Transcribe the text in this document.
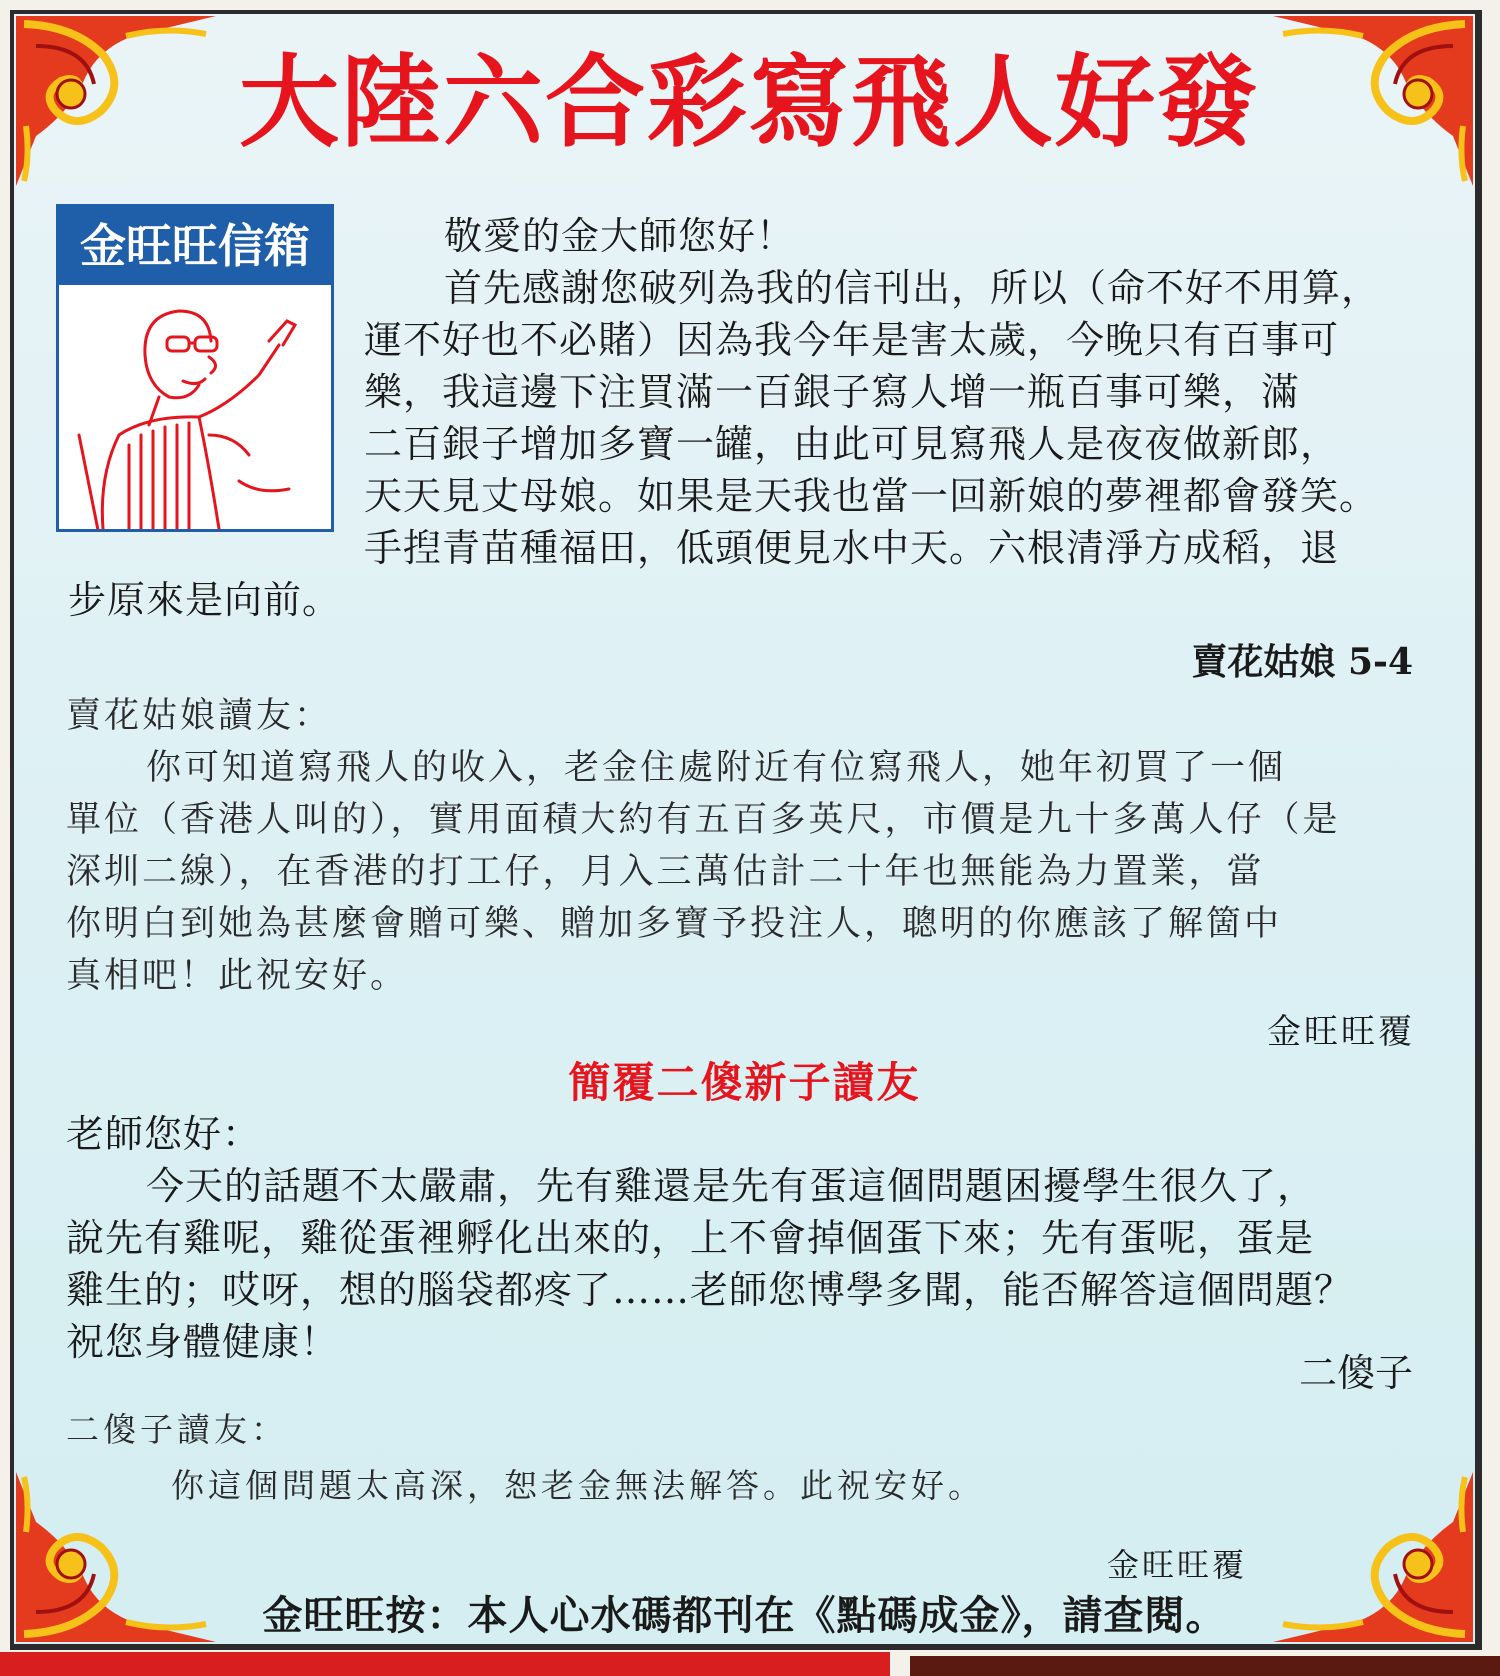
大陸六合彩寫飛人好發
金旺旺信箱	敬愛的金大師您好！
首先感謝您破列為我的信刊出，所以（命不好不用算，
運不好也不必賭）因為我今年是害太歲，今晚只有百事可
樂，我這邊下注買滿一百銀子寫人增一瓶百事可樂，滿
二百銀子增加多寶一罐，由此可見寫飛人是夜夜做新郎，
天天見丈母娘。如果是天我也當一回新娘的夢裡都會發笑。
手揑青苗種福田，低頭便見水中天。六根清淨方成稻，退
步原來是向前。
賣花姑娘 5-4
賣花姑娘讀友：
你可知道寫飛人的收入，老金住處附近有位寫飛人，她年初買了一個
單位（香港人叫的），實用面積大約有五百多英尺，市價是九十多萬人仔（是
深圳二線），在香港的打工仔，月入三萬估計二十年也無能為力置業，當
你明白到她為甚麼會贈可樂、贈加多寶予投注人，聰明的你應該了解箇中
真相吧！此祝安好。
金旺旺覆
簡覆二傻新子讀友
老師您好：
今天的話題不太嚴肅，先有雞還是先有蛋這個問題困擾學生很久了，
說先有雞呢，雞從蛋裡孵化出來的，上不會掉個蛋下來；先有蛋呢，蛋是
雞生的；哎呀，想的腦袋都疼了……老師您博學多聞，能否解答這個問題？
祝您身體健康！
二傻子
二傻子讀友：
你這個問題太高深，恕老金無法解答。此祝安好。
金旺旺覆
金旺旺按：本人心水碼都刊在《點碼成金》，請查閱。
